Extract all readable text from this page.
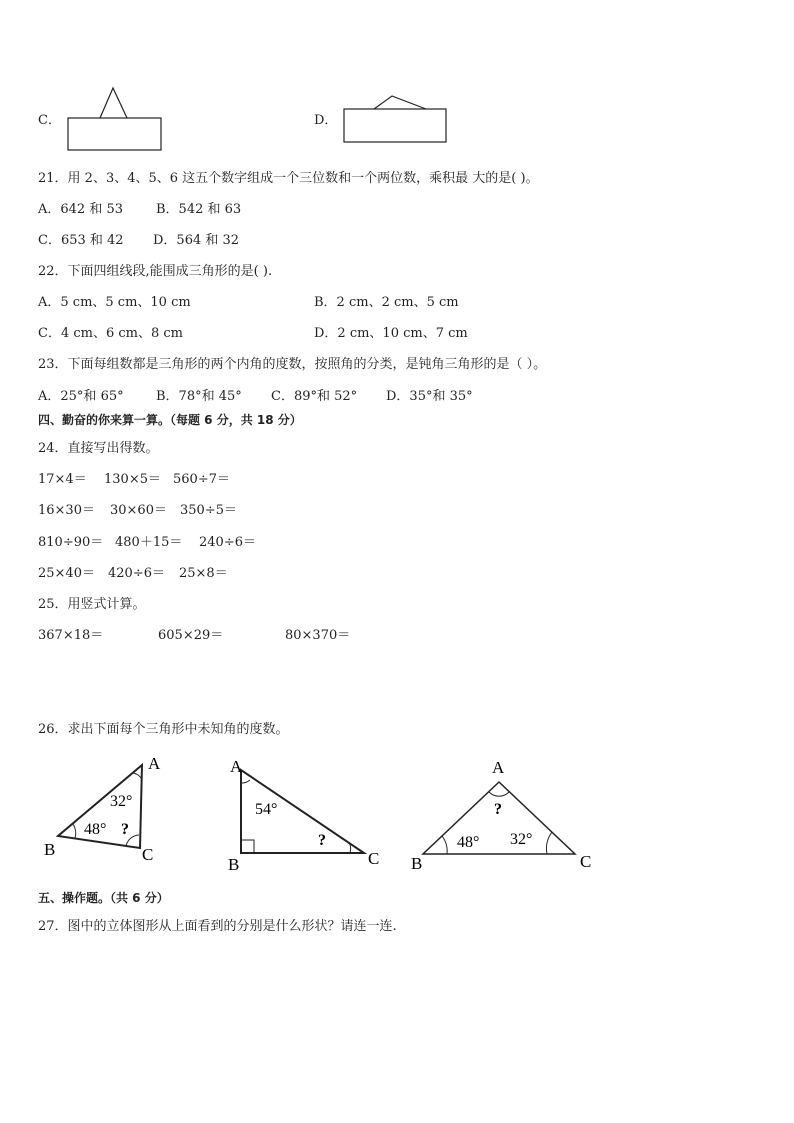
C．	D．
21．用 2、3、4、5、6 这五个数字组成一个三位数和一个两位数，乘积最 大的是( )。
A．642 和 53	B．542 和 63
C．653 和 42 D．564 和 32
22．下面四组线段,能围成三角形的是( ).
A．5 cm、5 cm、10 cm	B．2 cm、2 cm、5 cm
C．4 cm、6 cm、8 cm	D．2 cm、10 cm、7 cm
23．下面每组数都是三角形的两个内角的度数，按照角的分类，是钝角三角形的是（ ）。
A．25°和 65° B．78°和 45° C．89°和 52° D．35°和 35°
四、勤奋的你来算一算。（每题 6 分，共 18 分）
24．直接写出得数。
17×4＝ 130×5＝ 560÷7＝
16×30＝ 30×60＝ 350÷5＝
810÷90＝ 480＋15＝ 240÷6＝
25×40＝ 420÷6＝ 25×8＝
25．用竖式计算。
367×18＝	605×29＝	80×370＝
26．求出下面每个三角形中未知角的度数。
A
B	C
32°
48° ?
A
B	C
54°
?
A
B	C
48° 32°
?
五、操作题。（共 6 分）
27．图中的立体图形从上面看到的分别是什么形状？请连一连.
